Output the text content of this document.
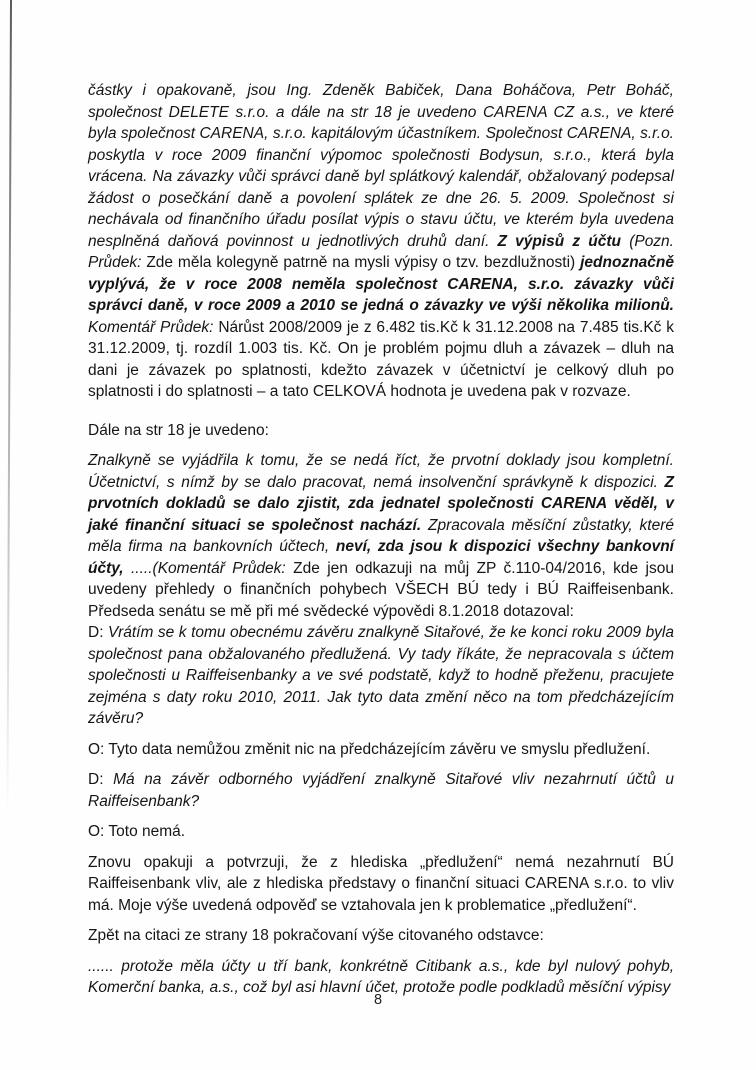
částky i opakovaně, jsou Ing. Zdeněk Babiček, Dana Boháčova, Petr Boháč, společnost DELETE s.r.o. a dále na str 18 je uvedeno CARENA CZ a.s., ve které byla společnost CARENA, s.r.o. kapitálovým účastníkem. Společnost CARENA, s.r.o. poskytla v roce 2009 finanční výpomoc společnosti Bodysun, s.r.o., která byla vrácena. Na závazky vůči správci daně byl splátkový kalendář, obžalovaný podepsal žádost o posečkání daně a povolení splátek ze dne 26. 5. 2009. Společnost si nechávala od finančního úřadu posílat výpis o stavu účtu, ve kterém byla uvedena nesplněná daňová povinnost u jednotlivých druhů daní. Z výpisů z účtu (Pozn. Průdek: Zde měla kolegyně patrně na mysli výpisy o tzv. bezdlužnosti) jednoznačně vyplývá, že v roce 2008 neměla společnost CARENA, s.r.o. závazky vůči správci daně, v roce 2009 a 2010 se jedná o závazky ve výši několika milionů. Komentář Průdek: Nárůst 2008/2009 je z 6.482 tis.Kč k 31.12.2008 na 7.485 tis.Kč k 31.12.2009, tj. rozdíl 1.003 tis. Kč. On je problém pojmu dluh a závazek – dluh na dani je závazek po splatnosti, kdežto závazek v účetnictví je celkový dluh po splatnosti i do splatnosti – a tato CELKOVÁ hodnota je uvedena pak v rozvaze.

Dále na str 18 je uvedeno:

Znalkyně se vyjádřila k tomu, že se nedá říct, že prvotní doklady jsou kompletní. Účetnictví, s nímž by se dalo pracovat, nemá insolvenční správkyně k dispozici. Z prvotních dokladů se dalo zjistit, zda jednatel společnosti CARENA věděl, v jaké finanční situaci se společnost nachází. Zpracovala měsíční zůstatky, které měla firma na bankovních účtech, neví, zda jsou k dispozici všechny bankovní účty, .....(Komentář Průdek: Zde jen odkazuji na můj ZP č.110-04/2016, kde jsou uvedeny přehledy o finančních pohybech VŠECH BÚ tedy i BÚ Raiffeisenbank. Předseda senátu se mě při mé svědecké výpovědi 8.1.2018 dotazoval:
D: Vrátím se k tomu obecnému závěru znalkyně Sitařové, že ke konci roku 2009 byla společnost pana obžalovaného předlužená. Vy tady říkáte, že nepracovala s účtem společnosti u Raiffeisenbanky a ve své podstatě, když to hodně přeženu, pracujete zejména s daty roku 2010, 2011. Jak tyto data změní něco na tom předcházejícím závěru?

O: Tyto data nemůžou změnit nic na předcházejícím závěru ve smyslu předlužení.

D: Má na závěr odborného vyjádření znalkyně Sitařové vliv nezahrnutí účtů u Raiffeisenbank?

O: Toto nemá.

Znovu opakuji a potvrzuji, že z hlediska „předlužení“ nemá nezahrnutí BÚ Raiffeisenbank vliv, ale z hlediska představy o finanční situaci CARENA s.r.o. to vliv má. Moje výše uvedená odpověď se vztahovala jen k problematice „předlužení“.

Zpět na citaci ze strany 18 pokračovaní výše citovaného odstavce:

...... protože měla účty u tří bank, konkrétně Citibank a.s., kde byl nulový pohyb, Komerční banka, a.s., což byl asi hlavní účet, protože podle podkladů měsíční výpisy

8
